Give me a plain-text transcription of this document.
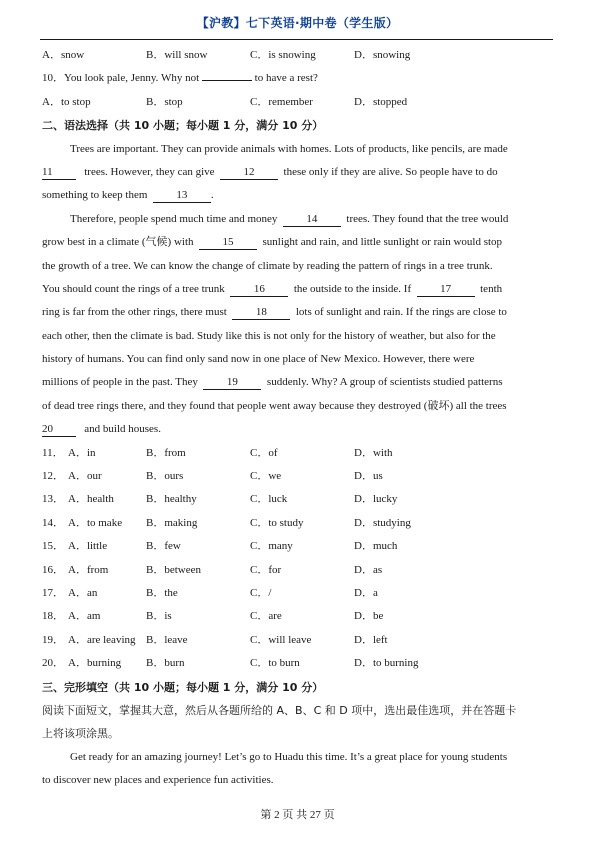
【沪教】七下英语·期中卷（学生版）
A．snow	B．will snow	C．is snowing	D．snowing
10．You look pale, Jenny. Why not	to have a rest?
A．to stop	B．stop	C．remember	D．stopped
二、语法选择（共 10 小题；每小题 1 分，满分 10 分）
Trees are important. They can provide animals with homes. Lots of products, like pencils, are made
11	trees. However, they can give	12	these only if they are alive. So people have to do
something to keep them	13 .
Therefore, people spend much time and money	14	trees. They found that the tree would
grow best in a climate (气候) with	15	sunlight and rain, and little sunlight or rain would stop
the growth of a tree. We can know the change of climate by reading the pattern of rings in a tree trunk.
You should count the rings of a tree trunk	16	the outside to the inside. If	17	tenth
ring is far from the other rings, there must	18	lots of sunlight and rain. If the rings are close to
each other, then the climate is bad. Study like this is not only for the history of weather, but also for the
history of humans. You can find only sand now in one place of New Mexico. However, there were
millions of people in the past. They	19	suddenly. Why? A group of scientists studied patterns
of dead tree rings there, and they found that people went away because they destroyed (破坏) all the trees
20	and build houses.
11． A．in	B．from	C．of	D．with
12． A．our	B．ours	C．we	D．us
13． A．health	B．healthy	C．luck	D．lucky
14． A．to make B．making	C．to study	D．studying
15． A．little	B．few	C．many	D．much
16． A．from	B．between	C．for	D．as
17． A．an	B．the	C．/	D．a
18． A．am	B．is	C．are	D．be
19． A．are leaving B．leave	C．will leave	D．left
20． A．burning B．burn	C．to burn	D．to burning
三、完形填空（共 10 小题；每小题 1 分，满分 10 分）
阅读下面短文，掌握其大意，然后从各题所给的 A、B、C 和 D 项中，选出最佳选项，并在答题卡
上将该项涂黑。
Get ready for an amazing journey! Let’s go to Huadu this time. It’s a great place for young students
to discover new places and experience fun activities.
第 2 页 共 27 页
